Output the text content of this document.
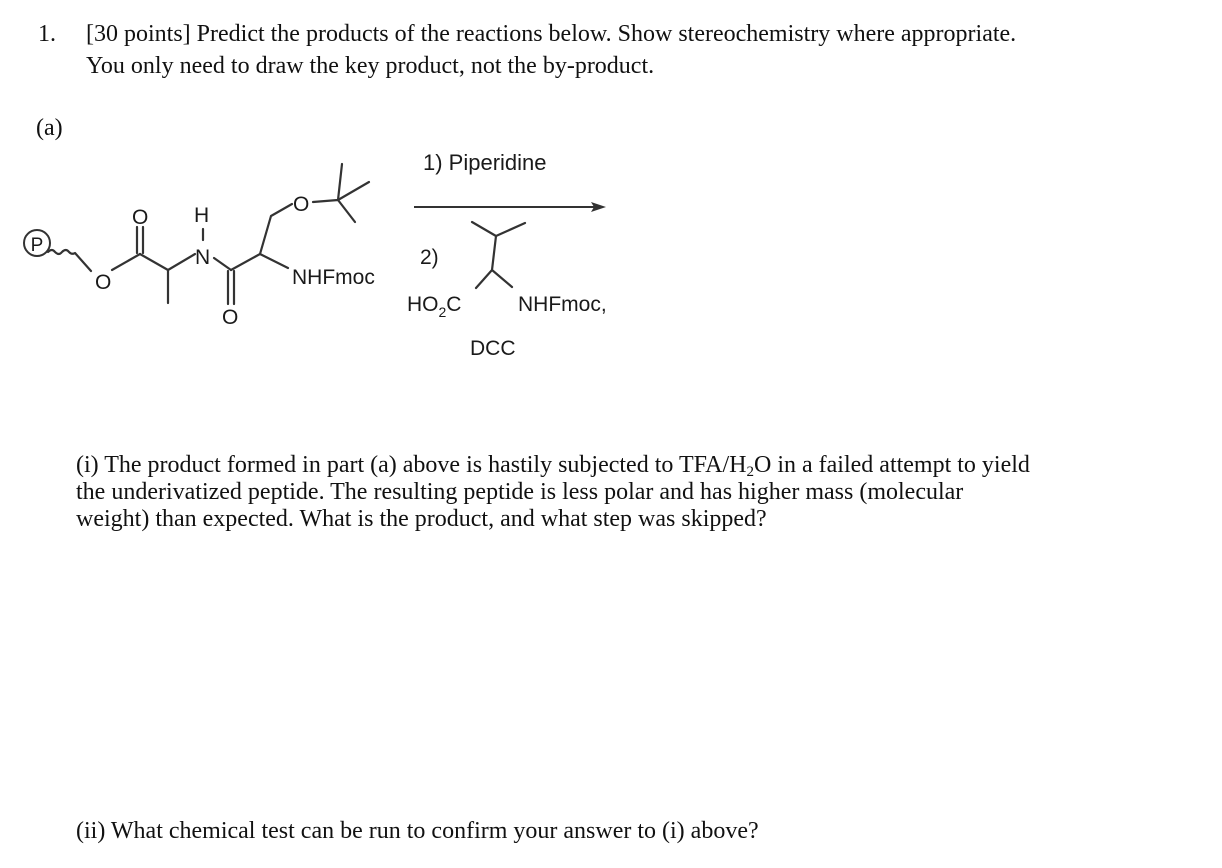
1. [30 points] Predict the products of the reactions below. Show stereochemistry where appropriate.
You only need to draw the key product, not the by-product.
(a)
P
O
O H
N
O
O
NHFmoc
1) Piperidine
2)
$HO_2C$	NHFmoc,
DCC
(i) The product formed in part (a) above is hastily subjected to TFA/$H_2O$ in a failed attempt to yield
the underivatized peptide. The resulting peptide is less polar and has higher mass (molecular
weight) than expected. What is the product, and what step was skipped?
(ii) What chemical test can be run to confirm your answer to (i) above?
